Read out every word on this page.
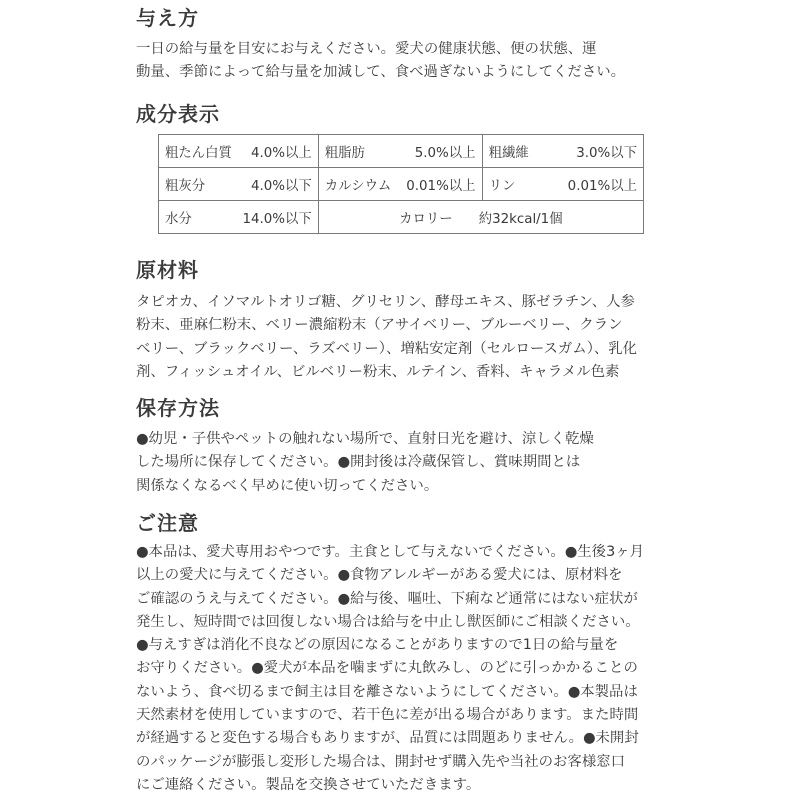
与え方

一日の給与量を目安にお与えください。愛犬の健康状態、便の状態、運
動量、季節によって給与量を加減して、食べ過ぎないようにしてください。

成分表示
粗たん白質 4.0%以上	粗脂肪 5.0%以上	粗繊維 3.0%以下

粗灰分 4.0%以下	カルシウム 0.01%以上	リン 0.01%以上

水分 14.0%以下	カロリー 約32kcal/1個	
原材料

タピオカ、イソマルトオリゴ糖、グリセリン、酵母エキス、豚ゼラチン、人参
粉末、亜麻仁粉末、ベリー濃縮粉末（アサイベリー、ブルーベリー、クラン
ベリー、ブラックベリー、ラズベリー）、増粘安定剤（セルロースガム）、乳化
剤、フィッシュオイル、ビルベリー粉末、ルテイン、香料、キャラメル色素

保存方法

●幼児・子供やペットの触れない場所で、直射日光を避け、涼しく乾燥
した場所に保存してください。●開封後は冷蔵保管し、賞味期間とは
関係なくなるべく早めに使い切ってください。

ご注意

●本品は、愛犬専用おやつです。主食として与えないでください。●生後3ヶ月
以上の愛犬に与えてください。●食物アレルギーがある愛犬には、原材料を
ご確認のうえ与えてください。●給与後、嘔吐、下痢など通常にはない症状が
発生し、短時間では回復しない場合は給与を中止し獣医師にご相談ください。
●与えすぎは消化不良などの原因になることがありますので1日の給与量を
お守りください。●愛犬が本品を噛まずに丸飲みし、のどに引っかかることの
ないよう、食べ切るまで飼主は目を離さないようにしてください。●本製品は
天然素材を使用していますので、若干色に差が出る場合があります。また時間
が経過すると変色する場合もありますが、品質には問題ありません。●未開封
のパッケージが膨張し変形した場合は、開封せず購入先や当社のお客様窓口
にご連絡ください。製品を交換させていただきます。
